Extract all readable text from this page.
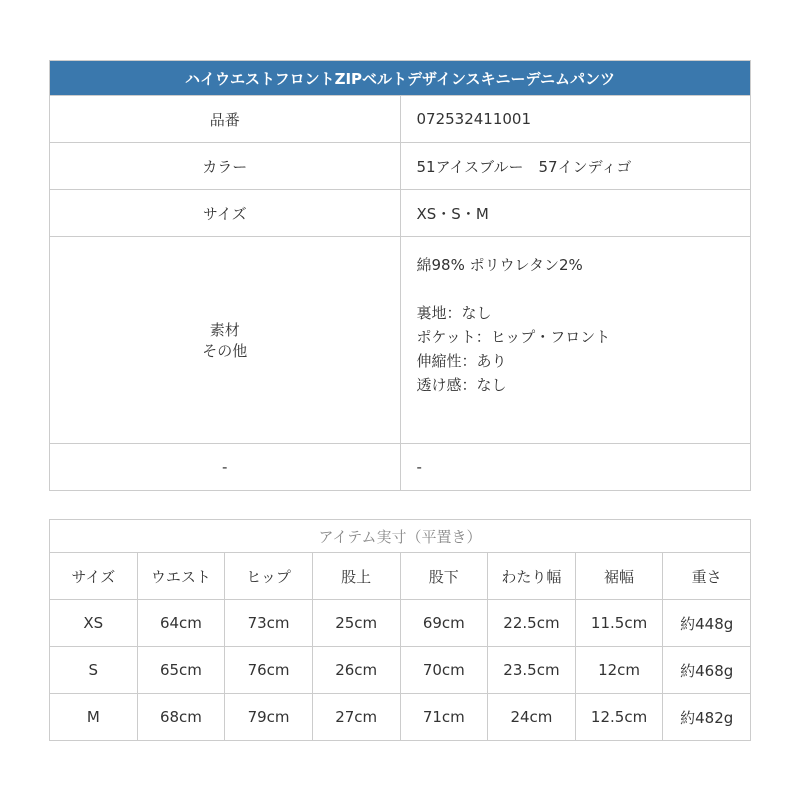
ハイウエストフロントZIPベルトデザインスキニーデニムパンツ	
品番	072532411001
カラー	51アイスブルー　57インディゴ
サイズ	XS・S・M

素材
その他	綿98% ポリウレタン2%
裏地：なし
ポケット：ヒップ・フロント
伸縮性：あり
透け感：なし

-	-
アイテム実寸（平置き）							
サイズ	ウエスト	ヒップ	股上	股下	わたり幅	裾幅	重さ
XS	64cm	73cm	25cm	69cm	22.5cm	11.5cm	約448g
S	65cm	76cm	26cm	70cm	23.5cm	12cm	約468g
M	68cm	79cm	27cm	71cm	24cm	12.5cm	約482g
